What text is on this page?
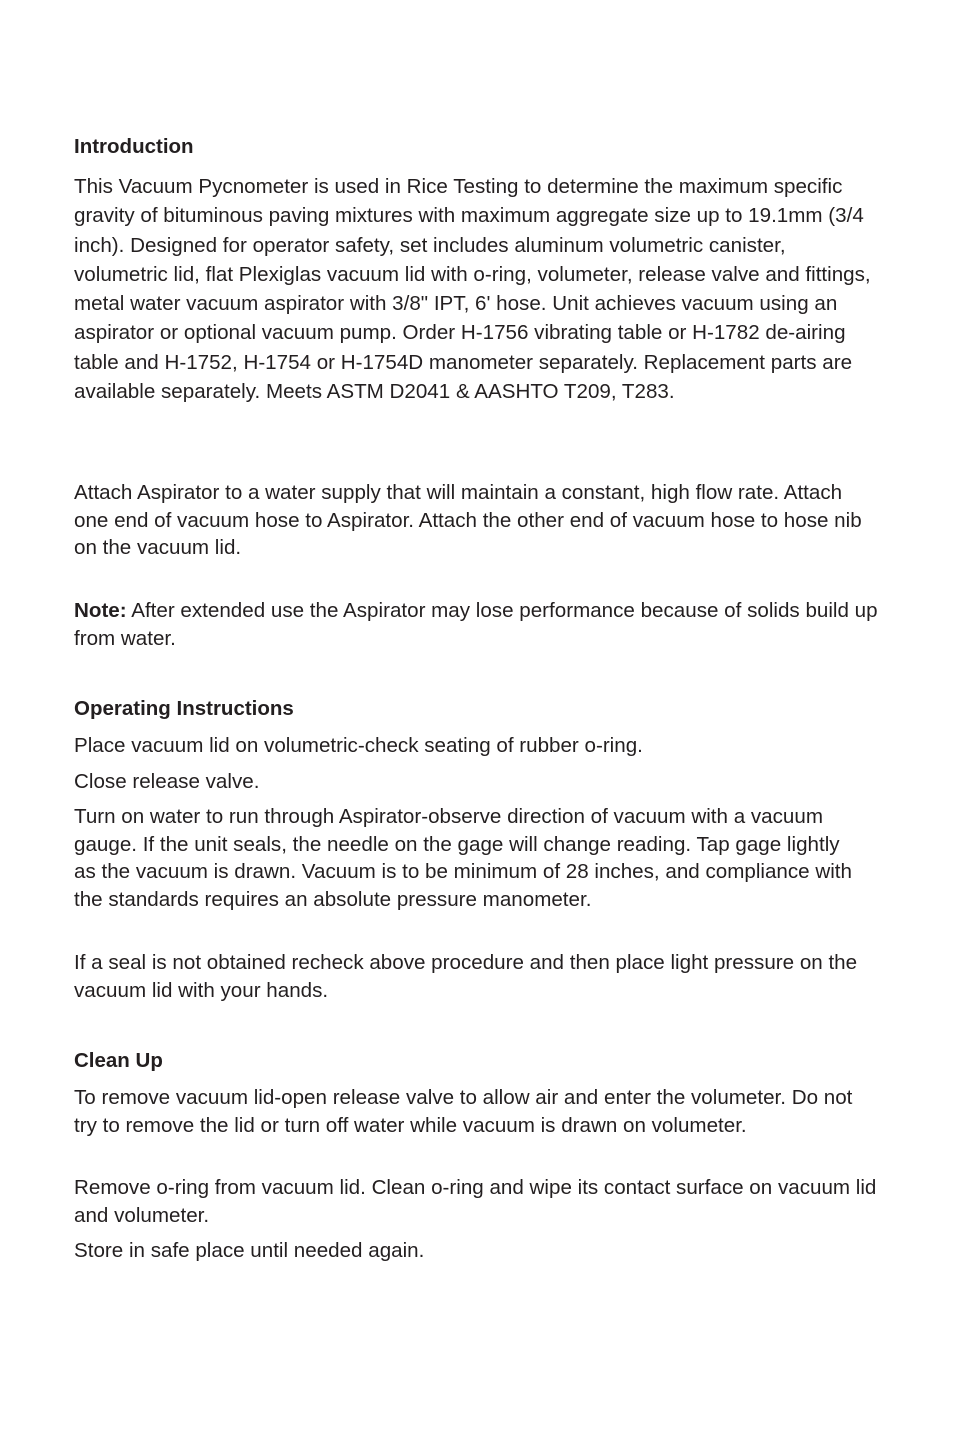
Introduction

This Vacuum Pycnometer is used in Rice Testing to determine the maximum specific gravity of bituminous paving mixtures with maximum aggregate size up to 19.1mm (3/4 inch). Designed for operator safety, set includes aluminum volumetric canister, volumetric lid, flat Plexiglas vacuum lid with o-ring, volumeter, release valve and fittings, metal water vacuum aspirator with 3/8" IPT, 6' hose. Unit achieves vacuum using an aspirator or optional vacuum pump. Order H-1756 vibrating table or H-1782 de-airing table and H-1752, H-1754 or H-1754D manometer separately. Replacement parts are available separately. Meets ASTM D2041 & AASHTO T209, T283.

Attach Aspirator to a water supply that will maintain a constant, high flow rate. Attach one end of vacuum hose to Aspirator. Attach the other end of vacuum hose to hose nib on the vacuum lid.

Note: After extended use the Aspirator may lose performance because of solids build up from water.

Operating Instructions

Place vacuum lid on volumetric-check seating of rubber o-ring.

Close release valve.

Turn on water to run through Aspirator-observe direction of vacuum with a vacuum gauge. If the unit seals, the needle on the gage will change reading. Tap gage lightly as the vacuum is drawn. Vacuum is to be minimum of 28 inches, and compliance with the standards requires an absolute pressure manometer.

If a seal is not obtained recheck above procedure and then place light pressure on the vacuum lid with your hands.

Clean Up

To remove vacuum lid-open release valve to allow air and enter the volumeter. Do not try to remove the lid or turn off water while vacuum is drawn on volumeter.

Remove o-ring from vacuum lid. Clean o-ring and wipe its contact surface on vacuum lid and volumeter.

Store in safe place until needed again.
